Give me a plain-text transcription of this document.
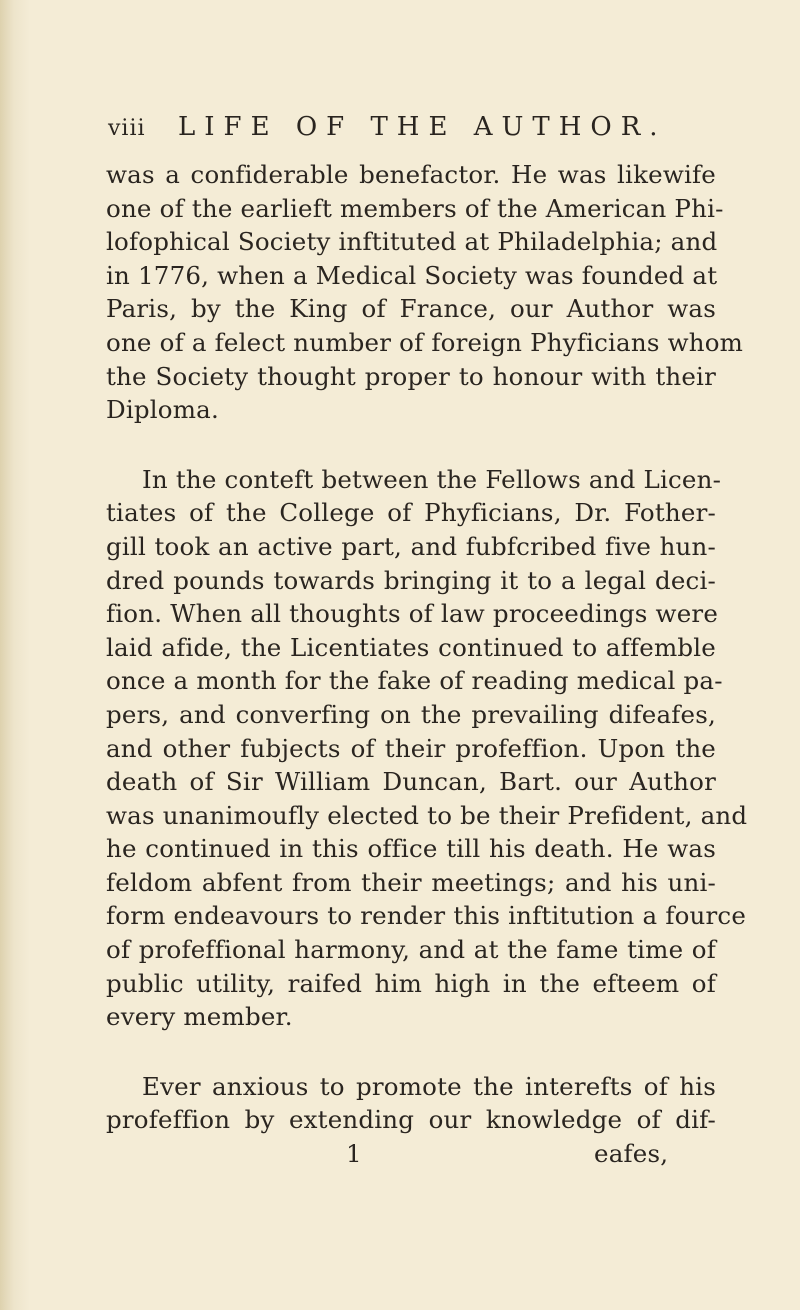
viii	LIFE OF THE AUTHOR.
was a confiderable benefactor. He was likewife
one of the earlieft members of the American Phi-
lofophical Society inftituted at Philadelphia; and
in 1776, when a Medical Society was founded at
Paris, by the King of France, our Author was
one of a felect number of foreign Phyficians whom
the Society thought proper to honour with their
Diploma.
In the conteft between the Fellows and Licen-
tiates of the College of Phyficians, Dr. Fother-
gill took an active part, and fubfcribed five hun-
dred pounds towards bringing it to a legal deci-
fion. When all thoughts of law proceedings were
laid afide, the Licentiates continued to affemble
once a month for the fake of reading medical pa-
pers, and converfing on the prevailing difeafes,
and other fubjects of their profeffion. Upon the
death of Sir William Duncan, Bart. our Author
was unanimoufly elected to be their Prefident, and
he continued in this office till his death. He was
feldom abfent from their meetings; and his uni-
form endeavours to render this inftitution a fource
of profeffional harmony, and at the fame time of
public utility, raifed him high in the efteem of
every member.
Ever anxious to promote the interefts of his
profeffion by extending our knowledge of dif-
1	eafes,
